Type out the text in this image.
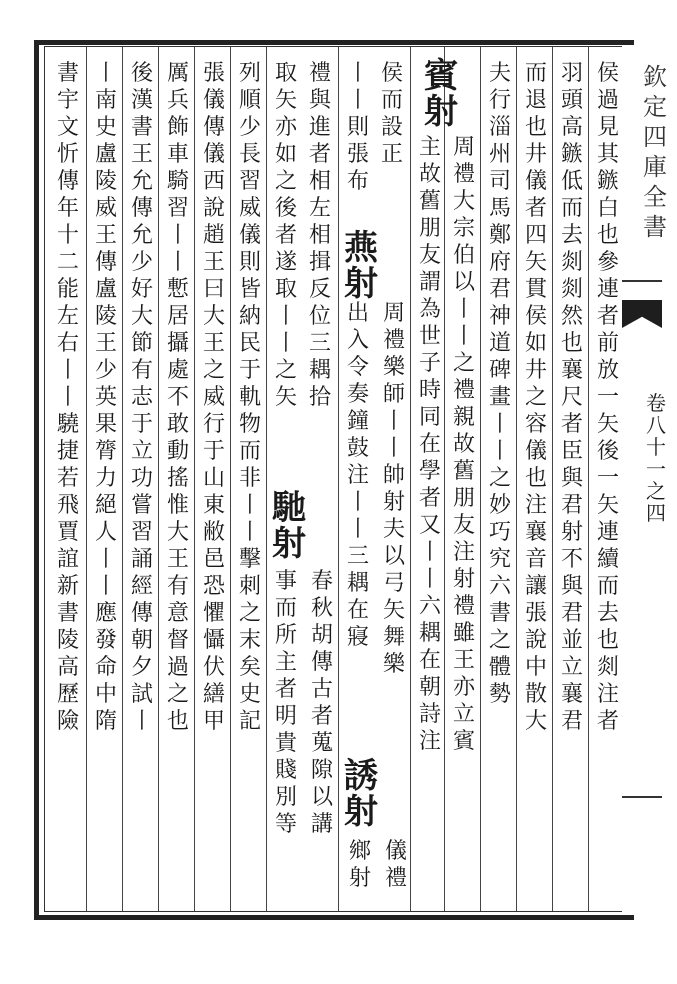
侯
過
見
其
鏃
白
也
參
連
者
前
放
一
矢
後
一
矢
連
續
而
去
也
剡
注
者
羽
頭
高
鏃
低
而
去
剡
剡
然
也
襄
尺
者
臣
與
君
射
不
與
君
並
立
襄
君
而
退
也
井
儀
者
四
矢
貫
侯
如
井
之
容
儀
也
注
襄
音
讓
張
說
中
散
大
夫
行
淄
州
司
馬
鄭
府
君
神
道
碑
畫
丨
丨
之
妙
巧
究
六
書
之
體
勢
賓射
周
禮
大
宗
伯
以
丨
丨
之
禮
親
故
舊
朋
友
注
射
禮
雖
王
亦
立
賓
主
故
舊
朋
友
謂
為
世
子
時
同
在
學
者
又
丨
丨
六
耦
在
朝
詩
注
侯
而
設
正
丨
丨
則
張
布
燕射
周
禮
樂
師
丨
丨
帥
射
夫
以
弓
矢
舞
樂
出
入
令
奏
鐘
鼓
注
丨
丨
三
耦
在
寢
誘射
儀
禮
鄉
射
禮
與
進
者
相
左
相
揖
反
位
三
耦
拾
取
矢
亦
如
之
後
者
遂
取
丨
丨
之
矢
馳射
春
秋
胡
傳
古
者
蒐
隙
以
講
事
而
所
主
者
明
貴
賤
別
等
列
順
少
長
習
威
儀
則
皆
納
民
于
軌
物
而
非
丨
丨
擊
刺
之
末
矣
史
記
張
儀
傳
儀
西
說
趙
王
曰
大
王
之
威
行
于
山
東
敝
邑
恐
懼
懾
伏
繕
甲
厲
兵
飾
車
騎
習
丨
丨
慙
居
攝
處
不
敢
動
搖
惟
大
王
有
意
督
過
之
也
後
漢
書
王
允
傳
允
少
好
大
節
有
志
于
立
功
嘗
習
誦
經
傳
朝
夕
試
丨
丨
南
史
盧
陵
威
王
傳
盧
陵
王
少
英
果
膂
力
絕
人
丨
丨
應
發
命
中
隋
書
宇
文
忻
傳
年
十
二
能
左
右
丨
丨
驍
捷
若
飛
賈
誼
新
書
陵
高
歷
險
欽
定
四
庫
全
書
卷
八
十
一
之
四
